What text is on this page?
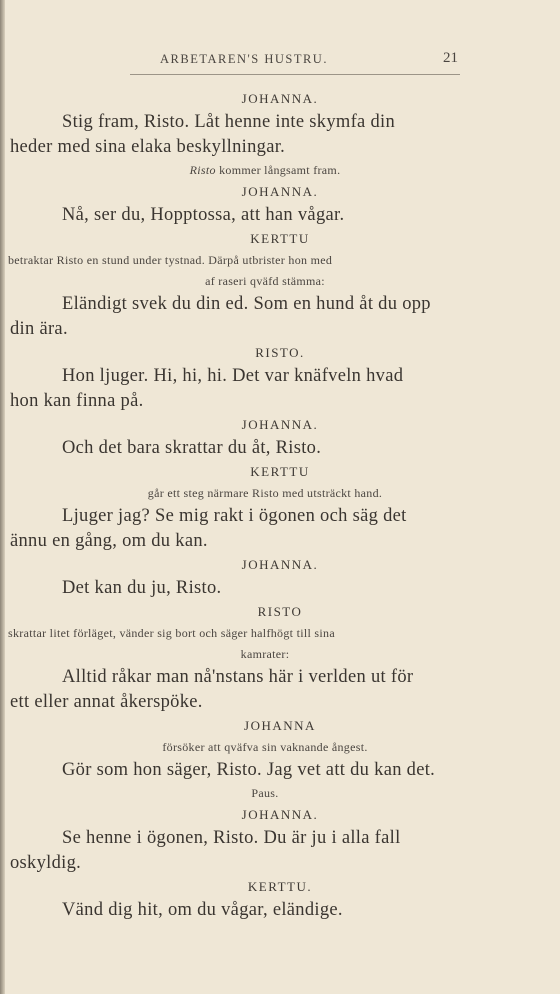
ARBETAREN'S HUSTRU.	21
JOHANNA.
Stig fram, Risto. Låt henne inte skymfa din
heder med sina elaka beskyllningar.
Risto kommer långsamt fram.
JOHANNA.
Nå, ser du, Hopptossa, att han vågar.
KERTTU
betraktar Risto en stund under tystnad. Därpå utbrister hon med
af raseri qväfd stämma:
Eländigt svek du din ed. Som en hund åt du opp
din ära.
RISTO.
Hon ljuger. Hi, hi, hi. Det var knäfveln hvad
hon kan finna på.
JOHANNA.
Och det bara skrattar du åt, Risto.
KERTTU
går ett steg närmare Risto med utsträckt hand.
Ljuger jag? Se mig rakt i ögonen och säg det
ännu en gång, om du kan.
JOHANNA.
Det kan du ju, Risto.
RISTO
skrattar litet förläget, vänder sig bort och säger halfhögt till sina
kamrater:
Alltid råkar man nå'nstans här i verlden ut för
ett eller annat åkerspöke.
JOHANNA
försöker att qväfva sin vaknande ångest.
Gör som hon säger, Risto. Jag vet att du kan det.
Paus.
JOHANNA.
Se henne i ögonen, Risto. Du är ju i alla fall
oskyldig.
KERTTU.
Vänd dig hit, om du vågar, eländige.
